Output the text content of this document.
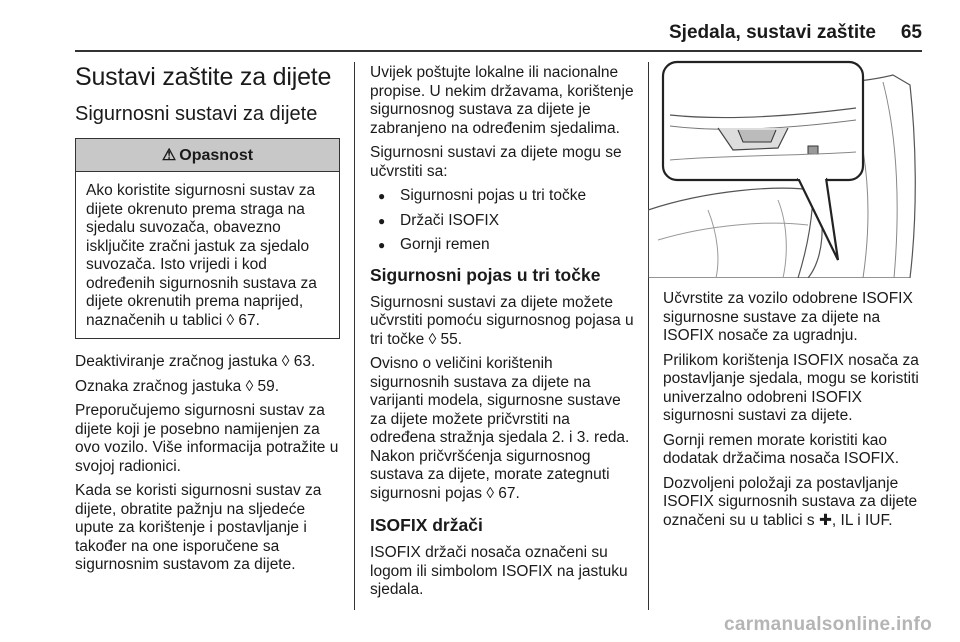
Sjedala, sustavi zaštite 65
Sustavi zaštite za dijete
Sigurnosni sustavi za dijete
⚠ Opasnost

Ako koristite sigurnosni sustav za dijete okrenuto prema straga na sjedalu suvozača, obavezno isključite zračni jastuk za sjedalo suvozača. Isto vrijedi i kod određenih sigurnosnih sustava za dijete okrenutih prema naprijed, naznačenih u tablici ◊ 67.

Deaktiviranje zračnog jastuka ◊ 63.

Oznaka zračnog jastuka ◊ 59.

Preporučujemo sigurnosni sustav za dijete koji je posebno namijenjen za ovo vozilo. Više informacija potražite u svojoj radionici.

Kada se koristi sigurnosni sustav za dijete, obratite pažnju na sljedeće upute za korištenje i postavljanje i također na one isporučene sa sigurnosnim sustavom za dijete.

Uvijek poštujte lokalne ili nacionalne propise. U nekim državama, korištenje sigurnosnog sustava za dijete je zabranjeno na određenim sjedalima.

Sigurnosni sustavi za dijete mogu se učvrstiti sa:

● Sigurnosni pojas u tri točke
● Držači ISOFIX
● Gornji remen
Sigurnosni pojas u tri točke

Sigurnosni sustavi za dijete možete učvrstiti pomoću sigurnosnog pojasa u tri točke ◊ 55.

Ovisno o veličini korištenih sigurnosnih sustava za dijete na varijanti modela, sigurnosne sustave za dijete možete pričvrstiti na određena stražnja sjedala 2. i 3. reda. Nakon pričvršćenja sigurnosnog sustava za dijete, morate zategnuti sigurnosni pojas ◊ 67.

ISOFIX držači

ISOFIX držači nosača označeni su logom ili simbolom ISOFIX na jastuku sjedala.

Učvrstite za vozilo odobrene ISOFIX sigurnosne sustave za dijete na ISOFIX nosače za ugradnju.

Prilikom korištenja ISOFIX nosača za postavljanje sjedala, mogu se koristiti univerzalno odobreni ISOFIX sigurnosni sustavi za dijete.

Gornji remen morate koristiti kao dodatak držačima nosača ISOFIX.

Dozvoljeni položaji za postavljanje ISOFIX sigurnosnih sustava za dijete označeni su u tablici s ✚, IL i IUF.

carmanualsonline.info
